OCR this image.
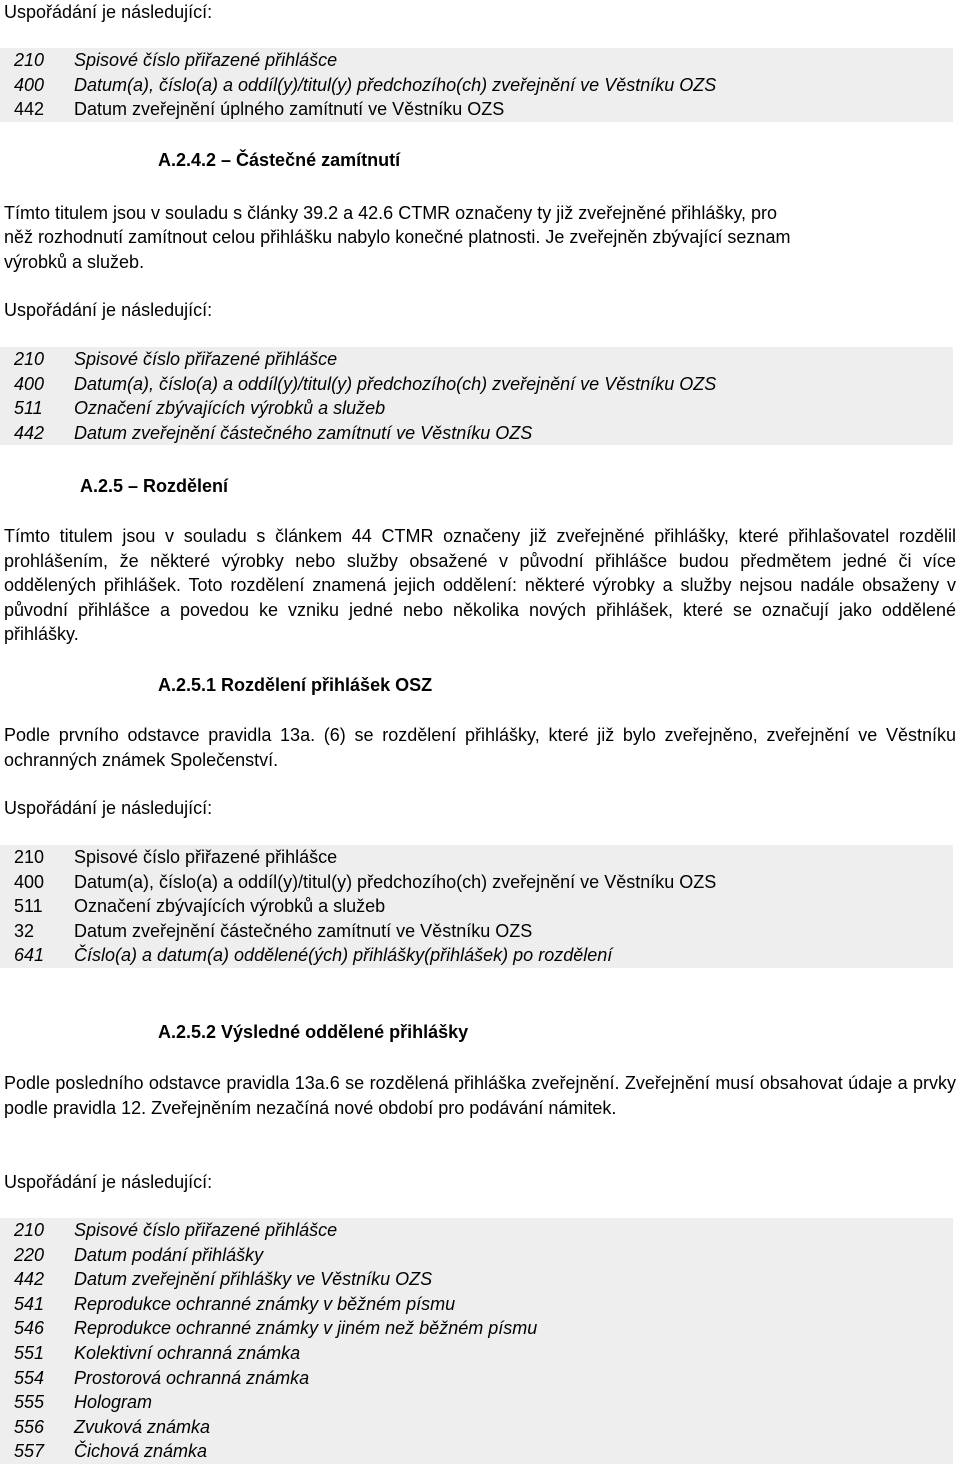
Uspořádání je následující:
210	Spisové číslo přiřazené přihlášce
400	Datum(a), číslo(a) a oddíl(y)/titul(y) předchozího(ch) zveřejnění ve Věstníku OZS
442	Datum zveřejnění úplného zamítnutí ve Věstníku OZS
A.2.4.2 – Částečné zamítnutí
Tímto titulem jsou v souladu s články 39.2 a 42.6 CTMR označeny ty již zveřejněné přihlášky, pro
něž rozhodnutí zamítnout celou přihlášku nabylo konečné platnosti. Je zveřejněn zbývající seznam
výrobků a služeb.
Uspořádání je následující:
210	Spisové číslo přiřazené přihlášce
400	Datum(a), číslo(a) a oddíl(y)/titul(y) předchozího(ch) zveřejnění ve Věstníku OZS
511	Označení zbývajících výrobků a služeb
442	Datum zveřejnění částečného zamítnutí ve Věstníku OZS
A.2.5 – Rozdělení
Tímto titulem jsou v souladu s článkem 44 CTMR označeny již zveřejněné přihlášky, které přihlašovatel rozdělil prohlášením, že některé výrobky nebo služby obsažené v původní přihlášce budou předmětem jedné či více oddělených přihlášek. Toto rozdělení znamená jejich oddělení: některé výrobky a služby nejsou nadále obsaženy v původní přihlášce a povedou ke vzniku jedné nebo několika nových přihlášek, které se označují jako oddělené přihlášky.
A.2.5.1 Rozdělení přihlášek OSZ
Podle prvního odstavce pravidla 13a. (6) se rozdělení přihlášky, které již bylo zveřejněno, zveřejnění ve Věstníku ochranných známek Společenství.
Uspořádání je následující:
210	Spisové číslo přiřazené přihlášce
400	Datum(a), číslo(a) a oddíl(y)/titul(y) předchozího(ch) zveřejnění ve Věstníku OZS
511	Označení zbývajících výrobků a služeb
32	Datum zveřejnění částečného zamítnutí ve Věstníku OZS
641	Číslo(a) a datum(a) oddělené(ých) přihlášky(přihlášek) po rozdělení
A.2.5.2 Výsledné oddělené přihlášky
Podle posledního odstavce pravidla 13a.6 se rozdělená přihláška zveřejnění. Zveřejnění musí obsahovat údaje a prvky podle pravidla 12. Zveřejněním nezačíná nové období pro podávání námitek.
Uspořádání je následující:
210	Spisové číslo přiřazené přihlášce
220	Datum podání přihlášky
442	Datum zveřejnění přihlášky ve Věstníku OZS
541	Reprodukce ochranné známky v běžném písmu
546	Reprodukce ochranné známky v jiném než běžném písmu
551	Kolektivní ochranná známka
554	Prostorová ochranná známka
555	Hologram
556	Zvuková známka
557	Čichová známka
